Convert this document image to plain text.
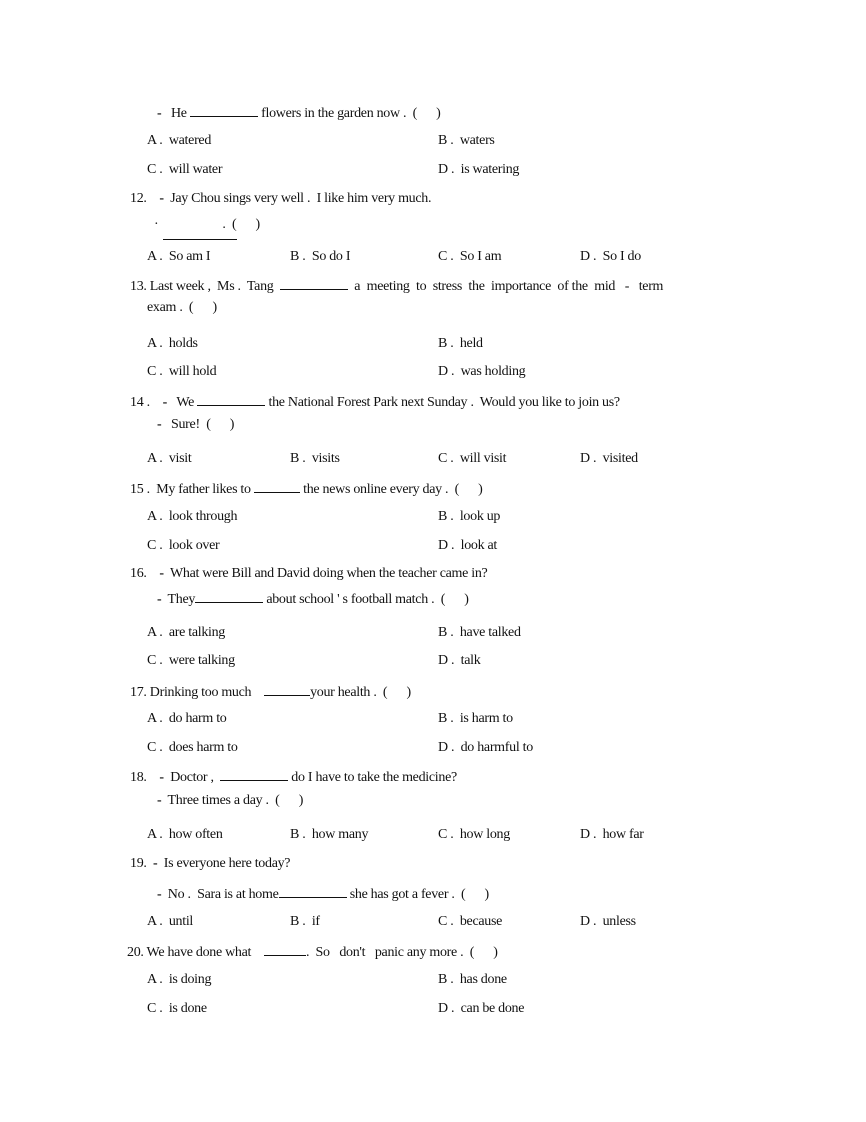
- He	flowers in the garden now .  (      )
A .  watered	B .  waters
C .  will water	D .  is watering
12. - Jay Chou sings very well .  I like him very much.
·	.  (      )
A .  So am I	B .  So do I	C .  So I am	D .  So I do
13. Last week ,  Ms .  Tang	a  meeting  to  stress  the  importance  of the  mid   -   term
exam .  (      )
A .  holds	B .  held
C .  will hold	D .  was holding
14 . - We	the National Forest Park next Sunday .  Would you like to join us?
- Sure!  (      )
A .  visit	B .  visits	C .  will visit	D .  visited
15 .  My father likes to	the news online every day .  (      )
A .  look through	B .  look up
C .  look over	D .  look at
16. - What were Bill and David doing when the teacher came in?
- They	about school ' s football match .  (      )
A .  are talking	B .  have talked
C .  were talking	D .  talk
17. Drinking too much	your health .  (      )
A .  do harm to	B .  is harm to
C .  does harm to	D .  do harmful to
18. - Doctor ,	do I have to take the medicine?
- Three times a day .  (      )
A .  how often	B .  how many	C .  how long	D .  how far
19. - Is everyone here today?
- No .  Sara is at home	she has got a fever .  (      )
A .  until	B .  if	C .  because	D .  unless
20. We have done what	.  So   don't   panic any more .  (      )
A .  is doing	B .  has done
C .  is done	D .  can be done
